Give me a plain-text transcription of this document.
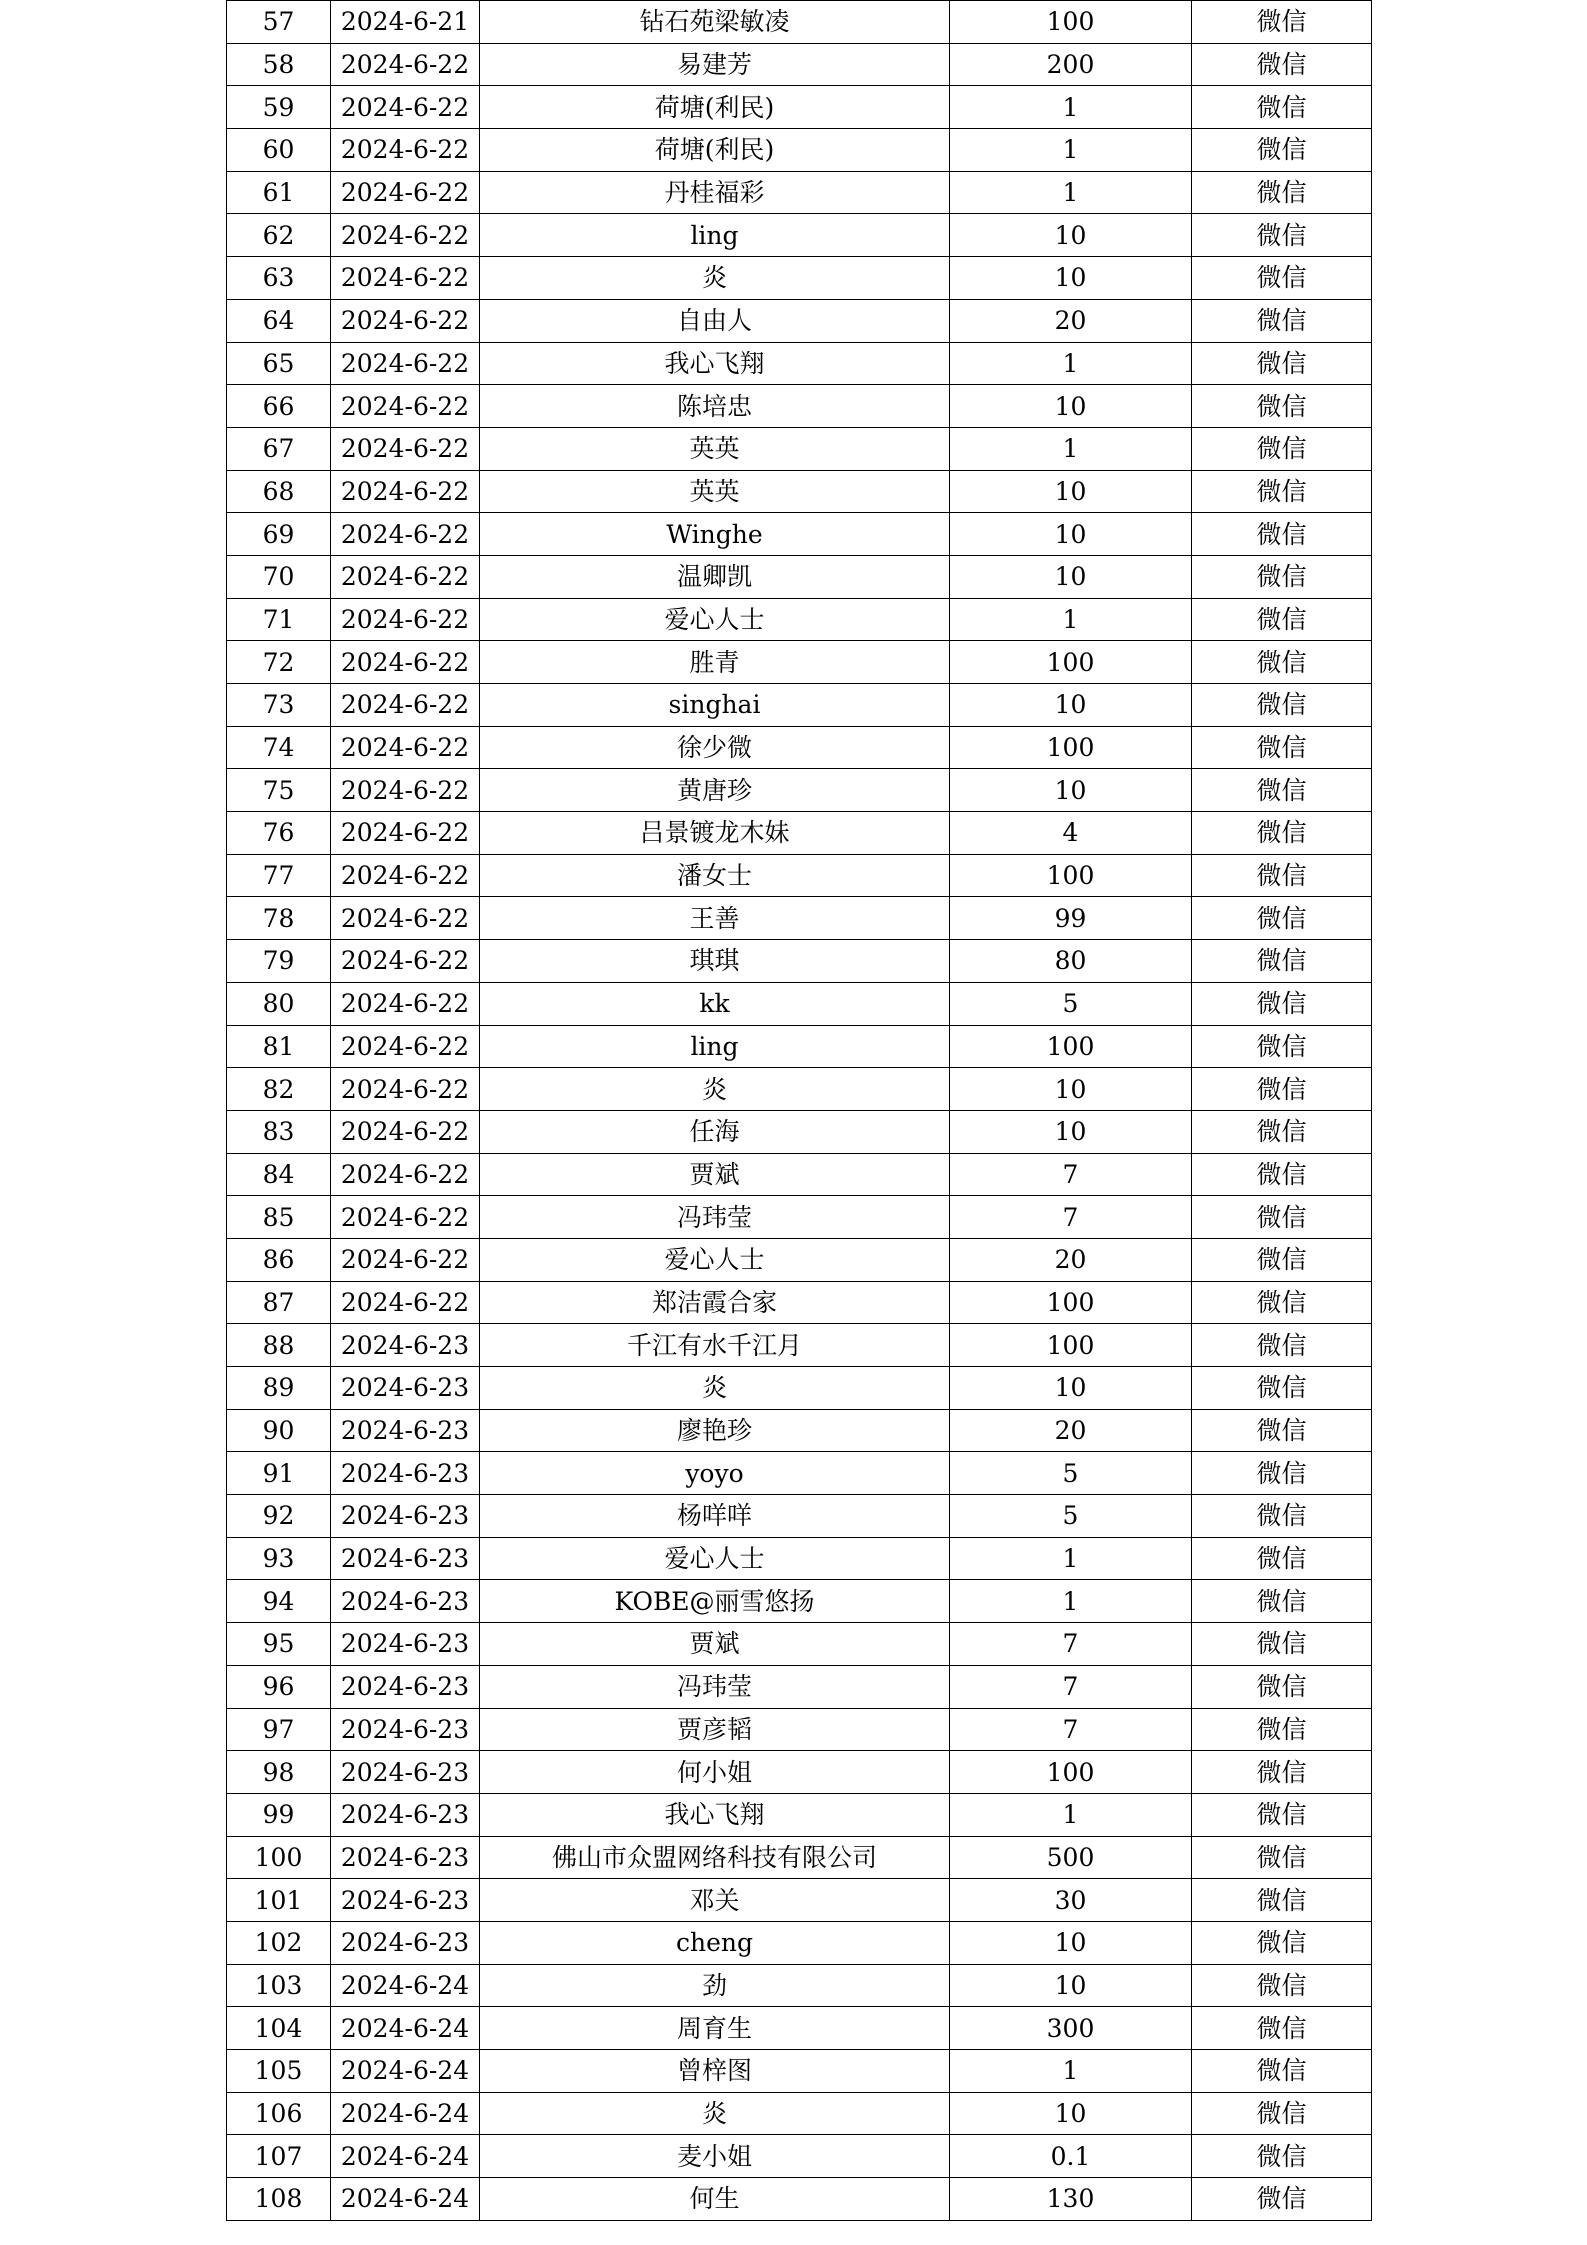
57	2024-6-21	钻石苑梁敏凌	100	微信
58	2024-6-22	易建芳	200	微信
59	2024-6-22	荷塘(利民)	1	微信
60	2024-6-22	荷塘(利民)	1	微信
61	2024-6-22	丹桂福彩	1	微信
62	2024-6-22	ling	10	微信
63	2024-6-22	炎	10	微信
64	2024-6-22	自由人	20	微信
65	2024-6-22	我心飞翔	1	微信
66	2024-6-22	陈培忠	10	微信
67	2024-6-22	英英	1	微信
68	2024-6-22	英英	10	微信
69	2024-6-22	Winghe	10	微信
70	2024-6-22	温卿凯	10	微信
71	2024-6-22	爱心人士	1	微信
72	2024-6-22	胜青	100	微信
73	2024-6-22	singhai	10	微信
74	2024-6-22	徐少微	100	微信
75	2024-6-22	黄唐珍	10	微信
76	2024-6-22	吕景镀龙木妹	4	微信
77	2024-6-22	潘女士	100	微信
78	2024-6-22	王善	99	微信
79	2024-6-22	琪琪	80	微信
80	2024-6-22	kk	5	微信
81	2024-6-22	ling	100	微信
82	2024-6-22	炎	10	微信
83	2024-6-22	任海	10	微信
84	2024-6-22	贾斌	7	微信
85	2024-6-22	冯玮莹	7	微信
86	2024-6-22	爱心人士	20	微信
87	2024-6-22	郑洁霞合家	100	微信
88	2024-6-23	千江有水千江月	100	微信
89	2024-6-23	炎	10	微信
90	2024-6-23	廖艳珍	20	微信
91	2024-6-23	yoyo	5	微信
92	2024-6-23	杨咩咩	5	微信
93	2024-6-23	爱心人士	1	微信
94	2024-6-23	KOBE@丽雪悠扬	1	微信
95	2024-6-23	贾斌	7	微信
96	2024-6-23	冯玮莹	7	微信
97	2024-6-23	贾彦韬	7	微信
98	2024-6-23	何小姐	100	微信
99	2024-6-23	我心飞翔	1	微信
100	2024-6-23	佛山市众盟网络科技有限公司	500	微信
101	2024-6-23	邓关	30	微信
102	2024-6-23	cheng	10	微信
103	2024-6-24	劲	10	微信
104	2024-6-24	周育生	300	微信
105	2024-6-24	曾梓图	1	微信
106	2024-6-24	炎	10	微信
107	2024-6-24	麦小姐	0.1	微信
108	2024-6-24	何生	130	微信
